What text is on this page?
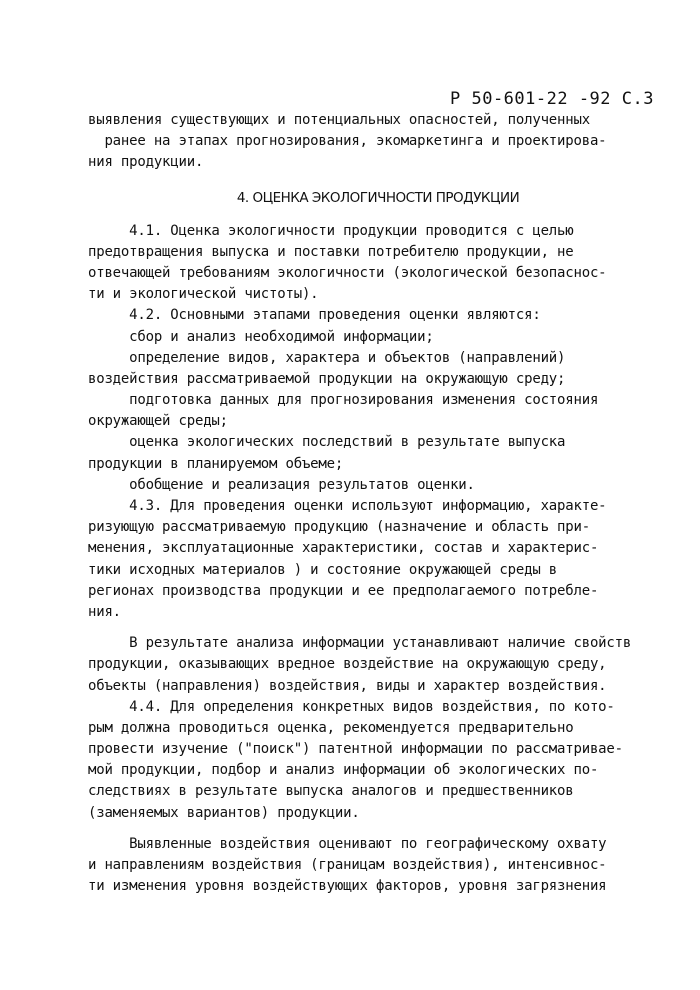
Р 50-601-22 -92 С.3
выявления существующих и потенциальных опасностей, полученных
ранее на этапах прогнозирования, экомаркетинга и проектирова-
ния продукции.
4. ОЦЕНКА ЭКОЛОГИЧНОСТИ ПРОДУКЦИИ
4.1. Оценка экологичности продукции проводится с целью
предотвращения выпуска и поставки потребителю продукции, не
отвечающей требованиям экологичности (экологической безопаснос-
ти и экологической чистоты).
4.2. Основными этапами проведения оценки являются:
сбор и анализ необходимой информации;
определение видов, характера и объектов (направлений)
воздействия рассматриваемой продукции на окружающую среду;
подготовка данных для прогнозирования изменения состояния
окружающей среды;
оценка экологических последствий в результате выпуска
продукции в планируемом объеме;
обобщение и реализация результатов оценки.
4.3. Для проведения оценки используют информацию, характе-
ризующую рассматриваемую продукцию (назначение и область при-
менения, эксплуатационные характеристики, состав и характерис-
тики исходных материалов ) и состояние окружающей среды в
регионах производства продукции и ее предполагаемого потребле-
ния.
В результате анализа информации устанавливают наличие свойств
продукции, оказывающих вредное воздействие на окружающую среду,
объекты (направления) воздействия, виды и характер воздействия.
4.4. Для определения конкретных видов воздействия, по кото-
рым должна проводиться оценка, рекомендуется предварительно
провести изучение ("поиск") патентной информации по рассматривае-
мой продукции, подбор и анализ информации об экологических по-
следствиях в результате выпуска аналогов и предшественников
(заменяемых вариантов) продукции.
Выявленные воздействия оценивают по географическому охвату
и направлениям воздействия (границам воздействия), интенсивнос-
ти изменения уровня воздействующих факторов, уровня загрязнения
